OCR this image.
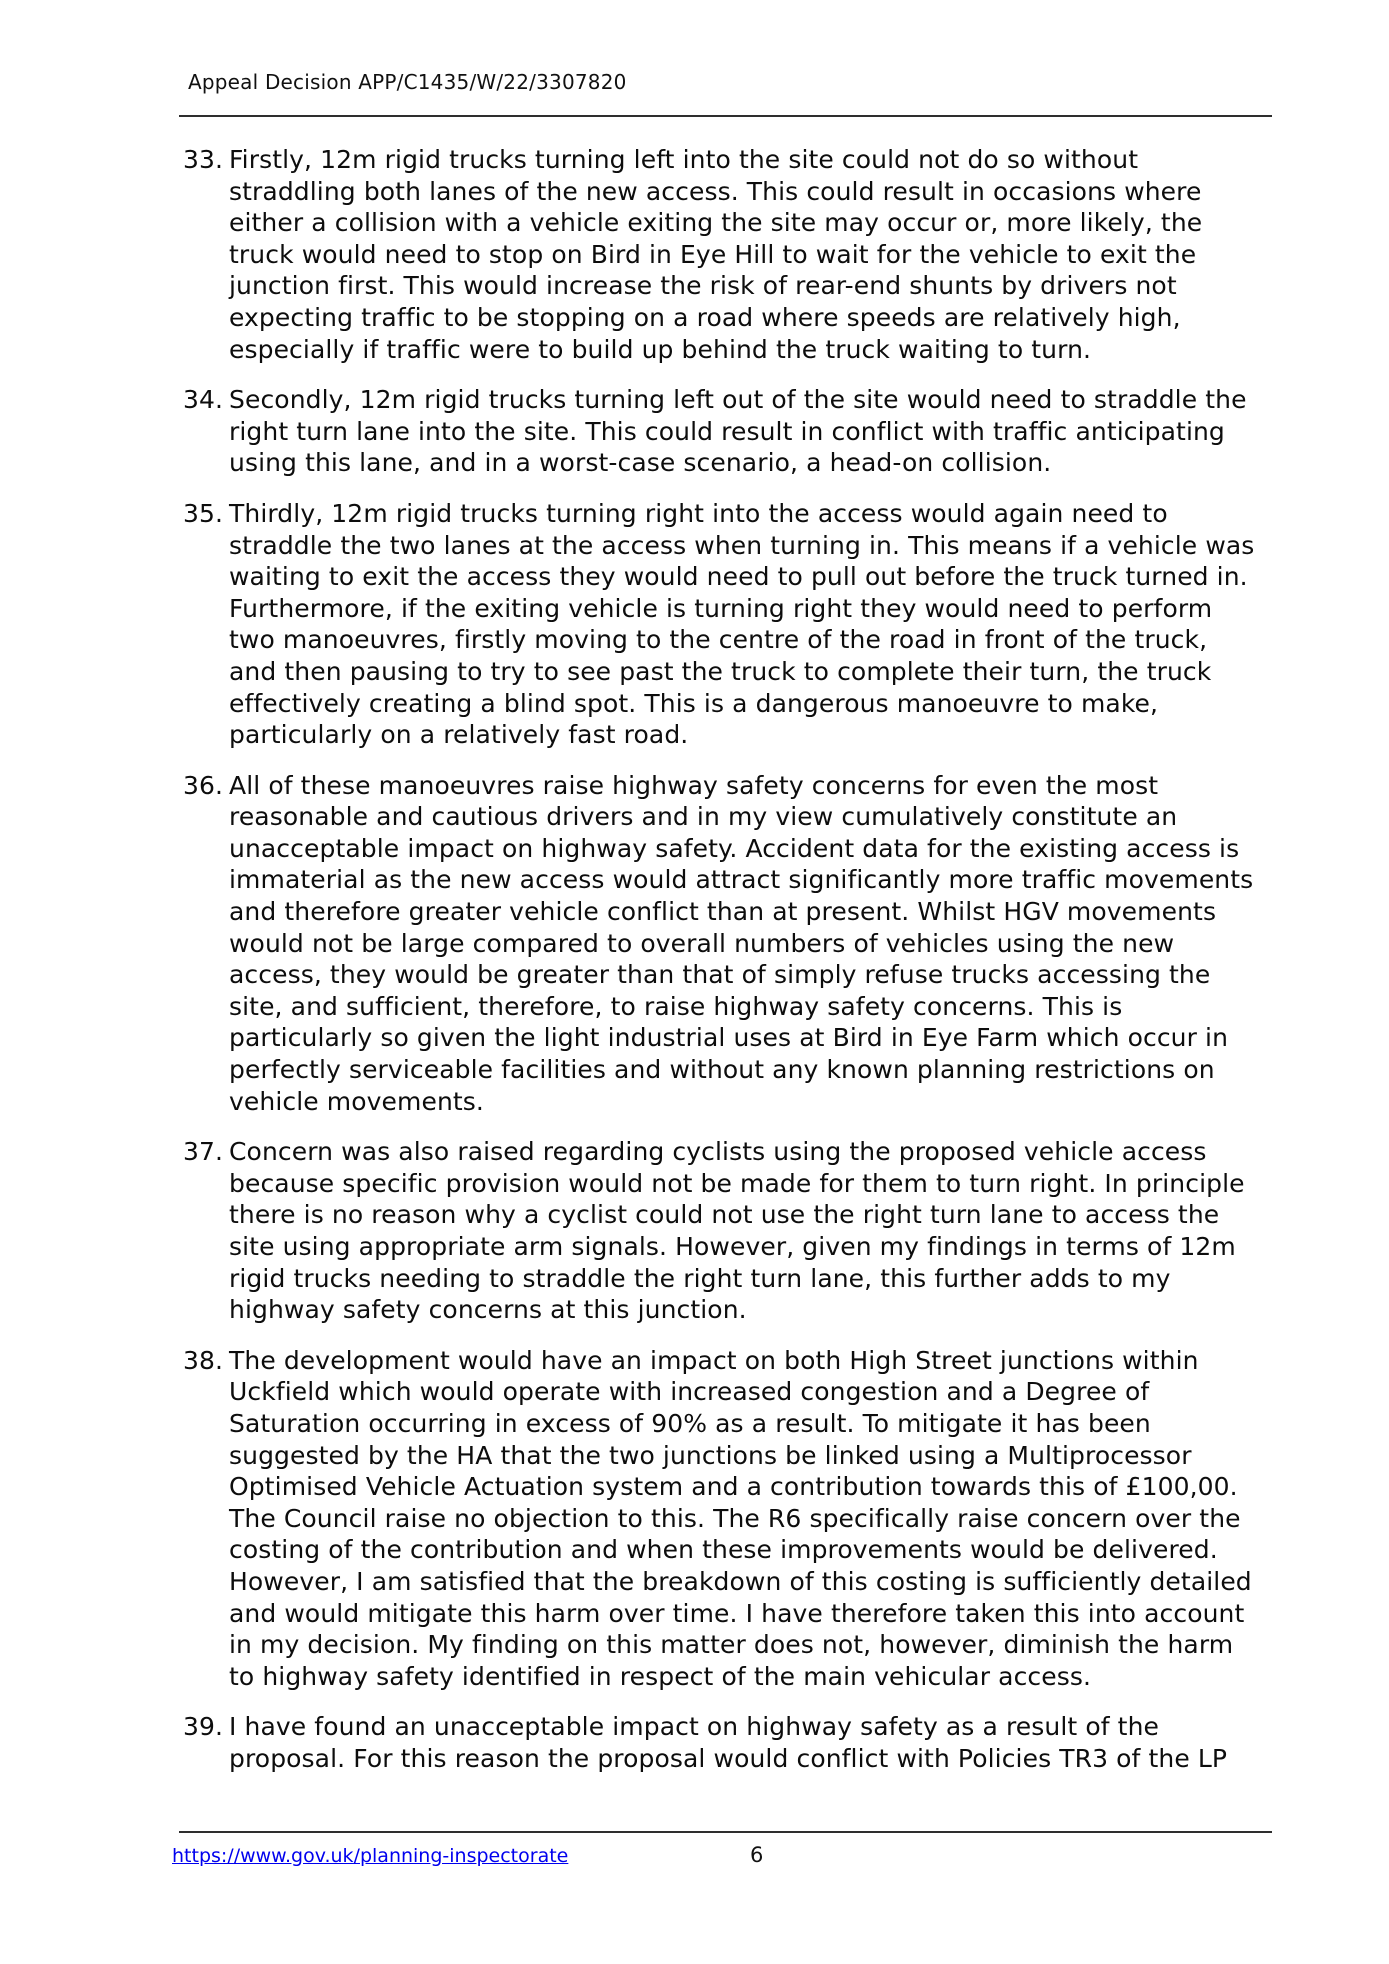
Appeal Decision APP/C1435/W/22/3307820
33. Firstly, 12m rigid trucks turning left into the site could not do so without straddling both lanes of the new access. This could result in occasions where either a collision with a vehicle exiting the site may occur or, more likely, the truck would need to stop on Bird in Eye Hill to wait for the vehicle to exit the junction first. This would increase the risk of rear-end shunts by drivers not expecting traffic to be stopping on a road where speeds are relatively high, especially if traffic were to build up behind the truck waiting to turn.
34. Secondly, 12m rigid trucks turning left out of the site would need to straddle the right turn lane into the site. This could result in conflict with traffic anticipating using this lane, and in a worst-case scenario, a head-on collision.
35. Thirdly, 12m rigid trucks turning right into the access would again need to straddle the two lanes at the access when turning in. This means if a vehicle was waiting to exit the access they would need to pull out before the truck turned in. Furthermore, if the exiting vehicle is turning right they would need to perform two manoeuvres, firstly moving to the centre of the road in front of the truck, and then pausing to try to see past the truck to complete their turn, the truck effectively creating a blind spot. This is a dangerous manoeuvre to make, particularly on a relatively fast road.
36. All of these manoeuvres raise highway safety concerns for even the most reasonable and cautious drivers and in my view cumulatively constitute an unacceptable impact on highway safety. Accident data for the existing access is immaterial as the new access would attract significantly more traffic movements and therefore greater vehicle conflict than at present. Whilst HGV movements would not be large compared to overall numbers of vehicles using the new access, they would be greater than that of simply refuse trucks accessing the site, and sufficient, therefore, to raise highway safety concerns. This is particularly so given the light industrial uses at Bird in Eye Farm which occur in perfectly serviceable facilities and without any known planning restrictions on vehicle movements.
37. Concern was also raised regarding cyclists using the proposed vehicle access because specific provision would not be made for them to turn right. In principle there is no reason why a cyclist could not use the right turn lane to access the site using appropriate arm signals. However, given my findings in terms of 12m rigid trucks needing to straddle the right turn lane, this further adds to my highway safety concerns at this junction.
38. The development would have an impact on both High Street junctions within Uckfield which would operate with increased congestion and a Degree of Saturation occurring in excess of 90% as a result. To mitigate it has been suggested by the HA that the two junctions be linked using a Multiprocessor Optimised Vehicle Actuation system and a contribution towards this of £100,00. The Council raise no objection to this. The R6 specifically raise concern over the costing of the contribution and when these improvements would be delivered. However, I am satisfied that the breakdown of this costing is sufficiently detailed and would mitigate this harm over time. I have therefore taken this into account in my decision. My finding on this matter does not, however, diminish the harm to highway safety identified in respect of the main vehicular access.
39. I have found an unacceptable impact on highway safety as a result of the proposal. For this reason the proposal would conflict with Policies TR3 of the LP
https://www.gov.uk/planning-inspectorate	6
